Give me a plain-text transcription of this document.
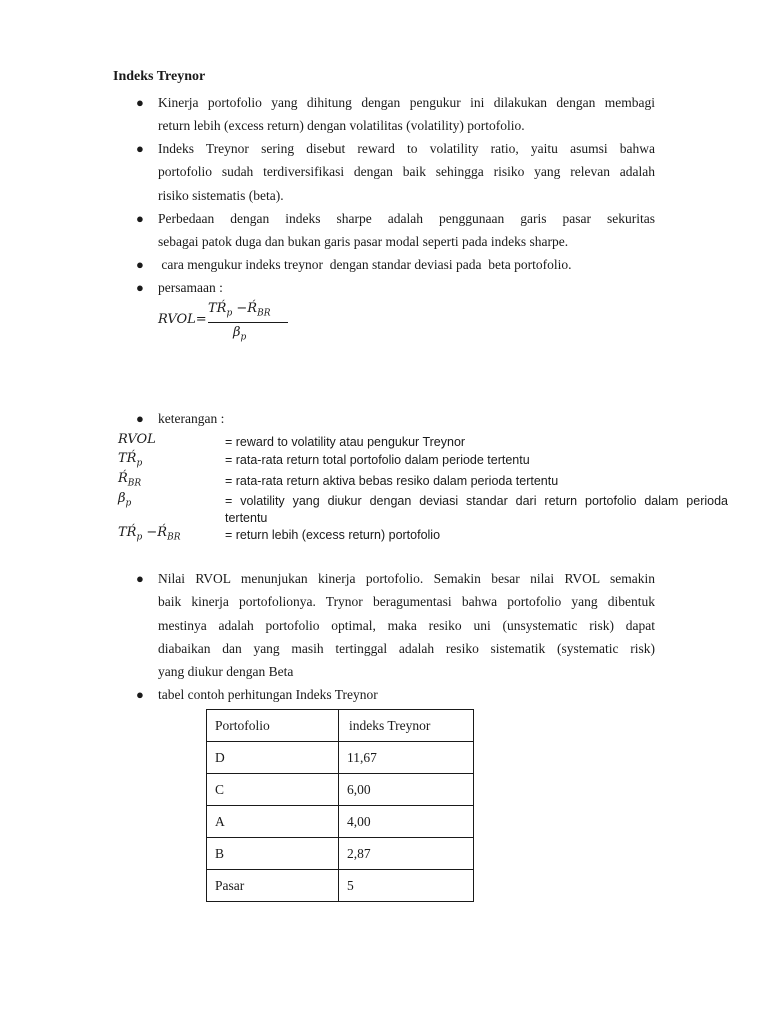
Indeks Treynor
● Kinerja portofolio yang dihitung dengan pengukur ini dilakukan dengan membagi
return lebih (excess return) dengan volatilitas (volatility) portofolio.
● Indeks Treynor sering disebut reward to volatility ratio, yaitu asumsi bahwa
portofolio sudah terdiversifikasi dengan baik sehingga risiko yang relevan adalah
risiko sistematis (beta).
● Perbedaan dengan indeks sharpe adalah penggunaan garis pasar sekuritas
sebagai patok duga dan bukan garis pasar modal seperti pada indeks sharpe.
● cara mengukur indeks treynor  dengan standar deviasi pada  beta portofolio.
● persamaan :
RVOL=
$TŔ_p$ $-Ŕ_{BR}$
$\beta_p$
● keterangan :
RVOL	= reward to volatility atau pengukur Treynor
$TŔ_p$	= rata-rata return total portofolio dalam periode tertentu
$Ŕ_{BR}$	= rata-rata return aktiva bebas resiko dalam perioda tertentu
$\beta_p$	= volatility yang diukur dengan deviasi standar dari return portofolio dalam perioda
tertentu
$TŔ_p$ $-Ŕ_{BR}$	= return lebih (excess return) portofolio
● Nilai RVOL menunjukan kinerja portofolio. Semakin besar nilai RVOL semakin
baik kinerja portofolionya. Trynor beragumentasi bahwa portofolio yang dibentuk
mestinya adalah portofolio optimal, maka resiko uni (unsystematic risk) dapat
diabaikan dan yang masih tertinggal adalah resiko sistematik (systematic risk)
yang diukur dengan Beta
● tabel contoh perhitungan Indeks Treynor
Portofolio	indeks Treynor
D	11,67
C	6,00
A	4,00
B	2,87
Pasar	5
